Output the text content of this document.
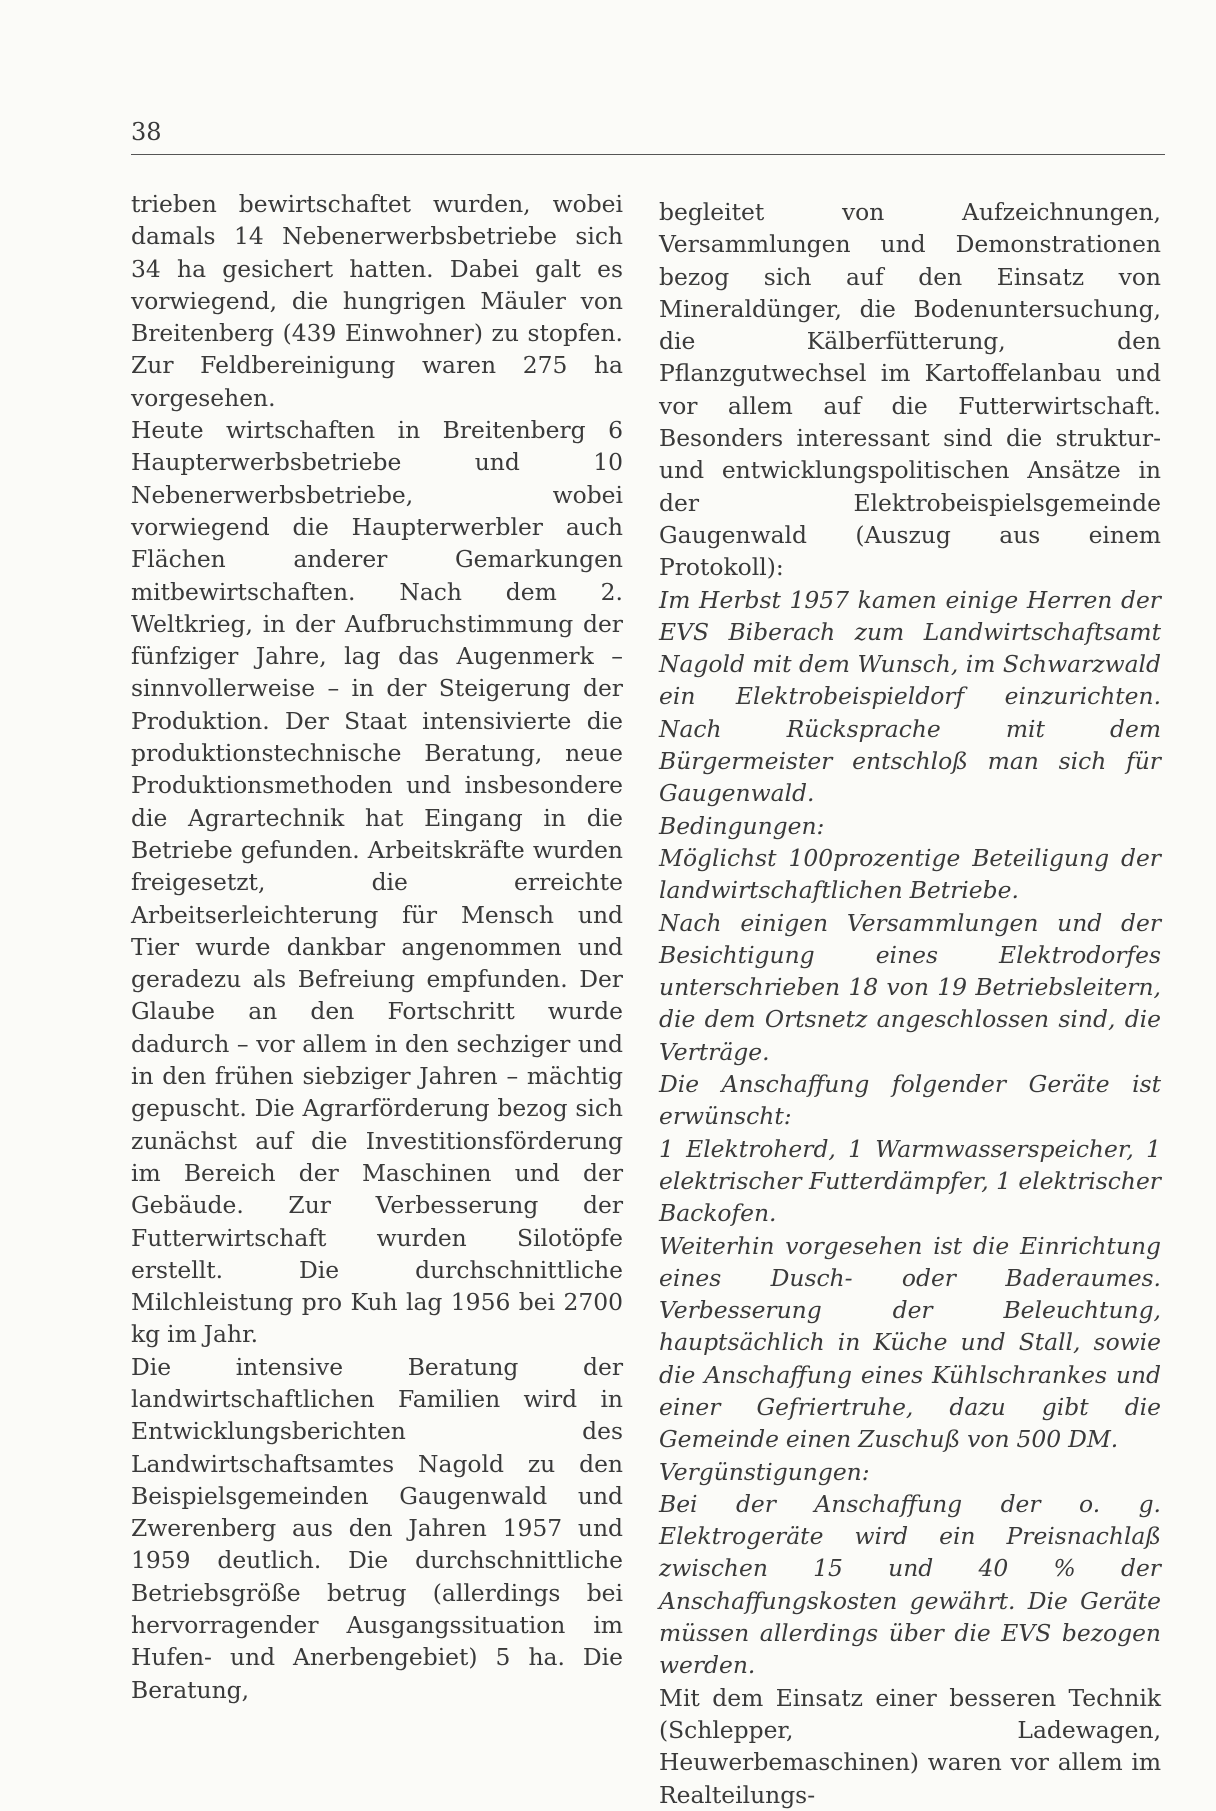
38

trieben bewirtschaftet wurden, wobei damals 14 Nebenerwerbsbetriebe sich 34 ha gesichert hatten. Dabei galt es vorwiegend, die hungrigen Mäuler von Breitenberg (439 Einwohner) zu stopfen. Zur Feldbereinigung waren 275 ha vorgesehen.

Heute wirtschaften in Breitenberg 6 Haupterwerbsbetriebe und 10 Nebenerwerbsbetriebe, wobei vorwiegend die Haupterwerbler auch Flächen anderer Gemarkungen mitbewirtschaften. Nach dem 2. Weltkrieg, in der Aufbruchstimmung der fünfziger Jahre, lag das Augenmerk – sinnvollerweise – in der Steigerung der Produktion. Der Staat intensivierte die produktionstechnische Beratung, neue Produktionsmethoden und insbesondere die Agrartechnik hat Eingang in die Betriebe gefunden. Arbeitskräfte wurden freigesetzt, die erreichte Arbeitserleichterung für Mensch und Tier wurde dankbar angenommen und geradezu als Befreiung empfunden. Der Glaube an den Fortschritt wurde dadurch – vor allem in den sechziger und in den frühen siebziger Jahren – mächtig gepuscht. Die Agrarförderung bezog sich zunächst auf die Investitionsförderung im Bereich der Maschinen und der Gebäude. Zur Verbesserung der Futterwirtschaft wurden Silotöpfe erstellt. Die durchschnittliche Milchleistung pro Kuh lag 1956 bei 2700 kg im Jahr.

Die intensive Beratung der landwirtschaftlichen Familien wird in Entwicklungsberichten des Landwirtschaftsamtes Nagold zu den Beispielsgemeinden Gaugenwald und Zwerenberg aus den Jahren 1957 und 1959 deutlich. Die durchschnittliche Betriebsgröße betrug (allerdings bei hervorragender Ausgangssituation im Hufen- und Anerbengebiet) 5 ha. Die Beratung,

begleitet von Aufzeichnungen, Versammlungen und Demonstrationen bezog sich auf den Einsatz von Mineraldünger, die Bodenuntersuchung, die Kälberfütterung, den Pflanzgutwechsel im Kartoffelanbau und vor allem auf die Futterwirtschaft. Besonders interessant sind die struktur- und entwicklungspolitischen Ansätze in der Elektrobeispielsgemeinde Gaugenwald (Auszug aus einem Protokoll):

Im Herbst 1957 kamen einige Herren der EVS Biberach zum Landwirtschaftsamt Nagold mit dem Wunsch, im Schwarzwald ein Elektrobeispieldorf einzurichten. Nach Rücksprache mit dem Bürgermeister entschloß man sich für Gaugenwald.

Bedingungen:

Möglichst 100prozentige Beteiligung der landwirtschaftlichen Betriebe.

Nach einigen Versammlungen und der Besichtigung eines Elektrodorfes unterschrieben 18 von 19 Betriebsleitern, die dem Ortsnetz angeschlossen sind, die Verträge.

Die Anschaffung folgender Geräte ist erwünscht:

1 Elektroherd, 1 Warmwasserspeicher, 1 elektrischer Futterdämpfer, 1 elektrischer Backofen.

Weiterhin vorgesehen ist die Einrichtung eines Dusch- oder Baderaumes. Verbesserung der Beleuchtung, hauptsächlich in Küche und Stall, sowie die Anschaffung eines Kühlschrankes und einer Gefriertruhe, dazu gibt die Gemeinde einen Zuschuß von 500 DM.

Vergünstigungen:

Bei der Anschaffung der o. g. Elektrogeräte wird ein Preisnachlaß zwischen 15 und 40 % der Anschaffungskosten gewährt. Die Geräte müssen allerdings über die EVS bezogen werden.

Mit dem Einsatz einer besseren Technik (Schlepper, Ladewagen, Heuwerbemaschinen) waren vor allem im Realteilungs-
